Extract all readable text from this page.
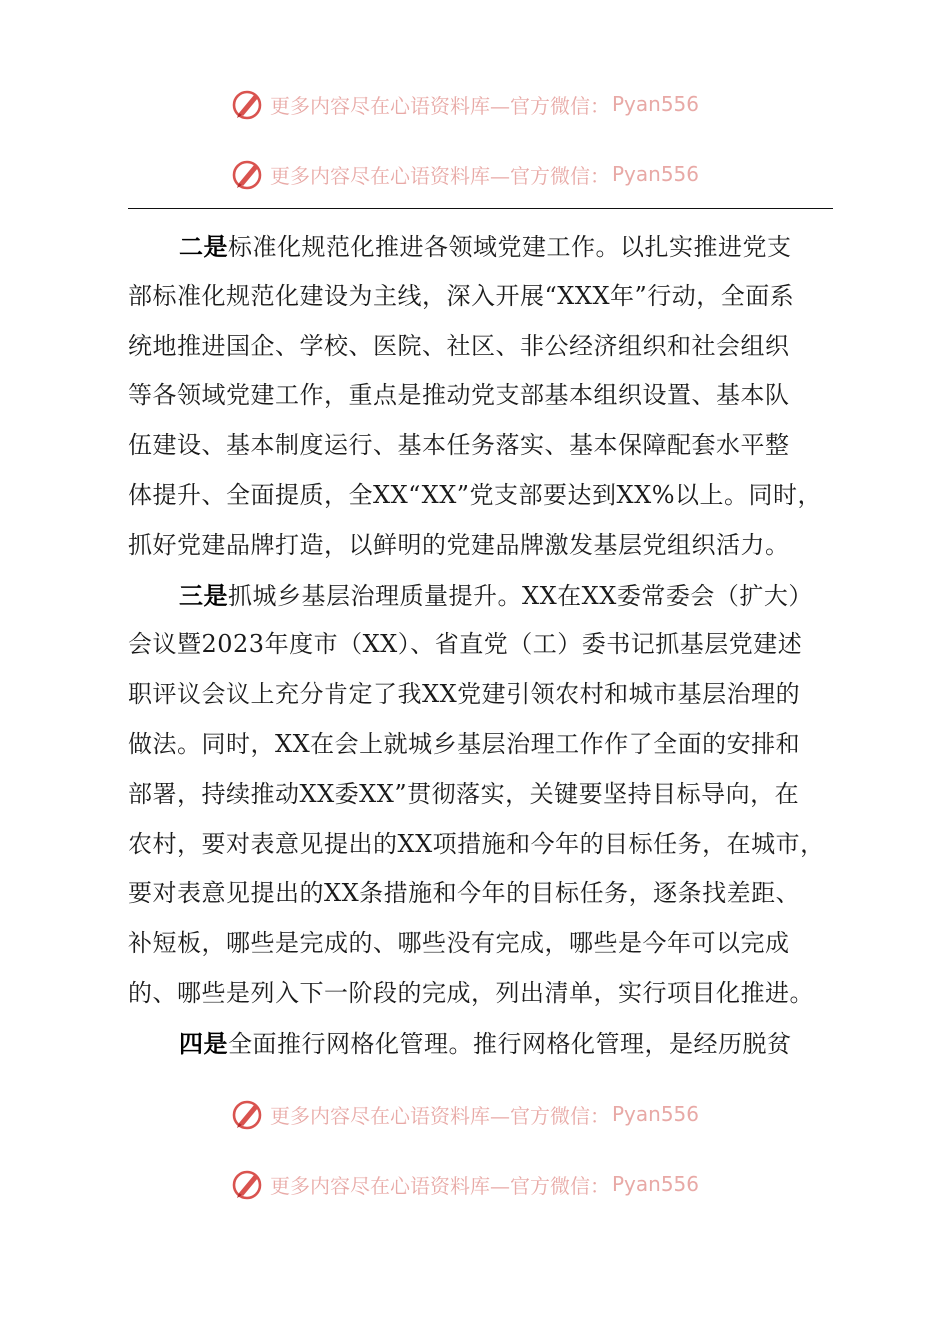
更多内容尽在心语资料库—官方微信： Pyan556
更多内容尽在心语资料库—官方微信： Pyan556
二是标准化规范化推进各领域党建工作。以扎实推进党支
部标准化规范化建设为主线，深入开展“XXX年”行动，全面系
统地推进国企、学校、医院、社区、非公经济组织和社会组织
等各领域党建工作，重点是推动党支部基本组织设置、基本队
伍建设、基本制度运行、基本任务落实、基本保障配套水平整
体提升、全面提质，全XX“XX”党支部要达到XX%以上。同时，
抓好党建品牌打造，以鲜明的党建品牌激发基层党组织活力。
三是抓城乡基层治理质量提升。XX在XX委常委会（扩大）
会议暨2023年度市（XX）、省直党（工）委书记抓基层党建述
职评议会议上充分肯定了我XX党建引领农村和城市基层治理的
做法。同时，XX在会上就城乡基层治理工作作了全面的安排和
部署，持续推动XX委XX”贯彻落实，关键要坚持目标导向，在
农村，要对表意见提出的XX项措施和今年的目标任务，在城市，
要对表意见提出的XX条措施和今年的目标任务，逐条找差距、
补短板，哪些是完成的、哪些没有完成，哪些是今年可以完成
的、哪些是列入下一阶段的完成，列出清单，实行项目化推进。
四是全面推行网格化管理。推行网格化管理，是经历脱贫
更多内容尽在心语资料库—官方微信： Pyan556
更多内容尽在心语资料库—官方微信： Pyan556
